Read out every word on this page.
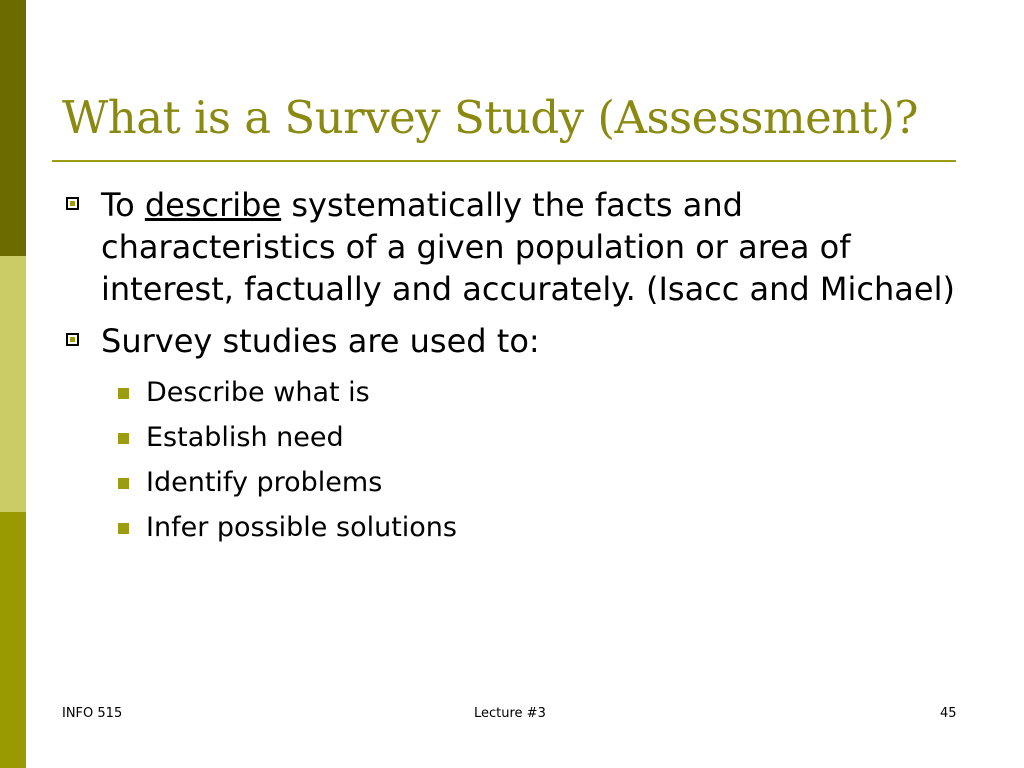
What is a Survey Study (Assessment)?
To describe systematically the facts and characteristics of a given population or area of interest, factually and accurately. (Isacc and Michael)
Survey studies are used to:
Describe what is
Establish need
Identify problems
Infer possible solutions
INFO 515	Lecture #3	45
